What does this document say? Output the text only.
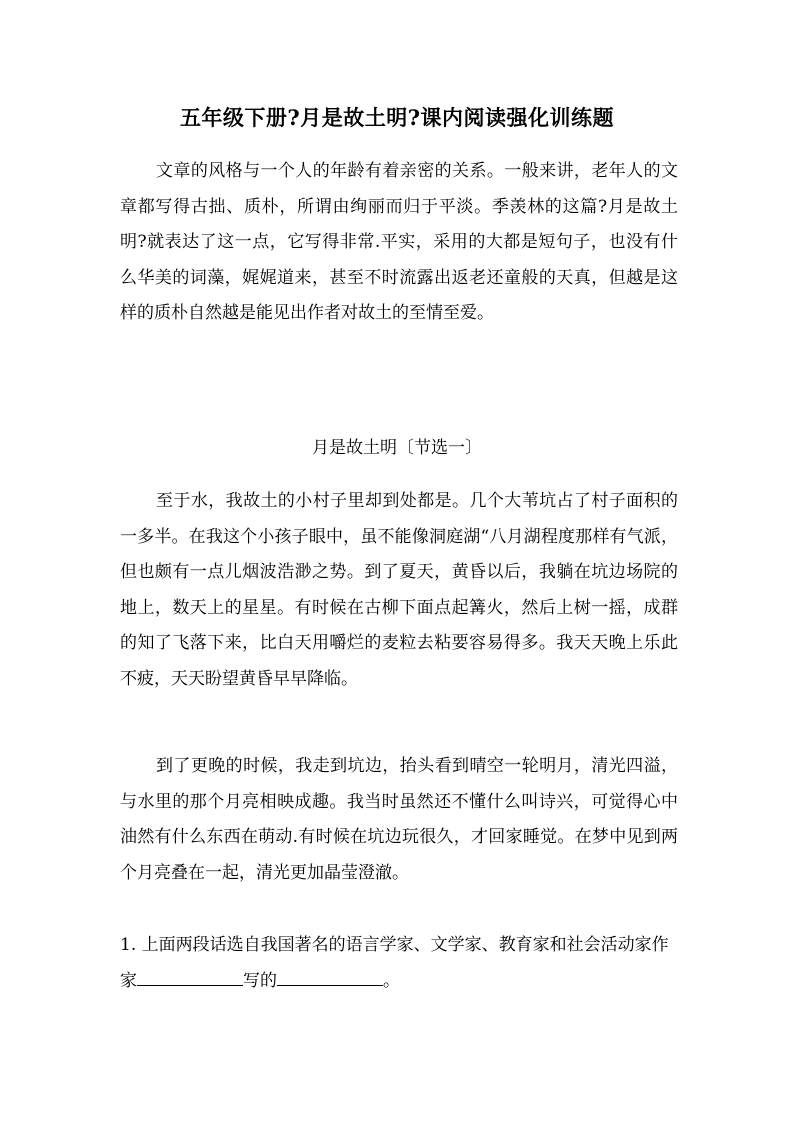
五年级下册?月是故土明?课内阅读强化训练题

文章的风格与一个人的年龄有着亲密的关系。一般来讲，老年人的文章都写得古拙、质朴，所谓由绚丽而归于平淡。季羡林的这篇?月是故土明?就表达了这一点，它写得非常.平实，采用的大都是短句子，也没有什么华美的词藻，娓娓道来，甚至不时流露出返老还童般的天真，但越是这样的质朴自然越是能见出作者对故土的至情至爱。

月是故土明〔节选一〕

至于水，我故土的小村子里却到处都是。几个大苇坑占了村子面积的一多半。在我这个小孩子眼中，虽不能像洞庭湖“八月湖程度那样有气派，但也颇有一点儿烟波浩渺之势。到了夏天，黄昏以后，我躺在坑边场院的地上，数天上的星星。有时候在古柳下面点起篝火，然后上树一摇，成群的知了飞落下来，比白天用嚼烂的麦粒去粘要容易得多。我天天晚上乐此不疲，天天盼望黄昏早早降临。

到了更晚的时候，我走到坑边，抬头看到晴空一轮明月，清光四溢，与水里的那个月亮相映成趣。我当时虽然还不懂什么叫诗兴，可觉得心中油然有什么东西在萌动.有时候在坑边玩很久，才回家睡觉。在梦中见到两个月亮叠在一起，清光更加晶莹澄澈。

1. 上面两段话选自我国著名的语言学家、文学家、教育家和社会活动家作家	写的	。
